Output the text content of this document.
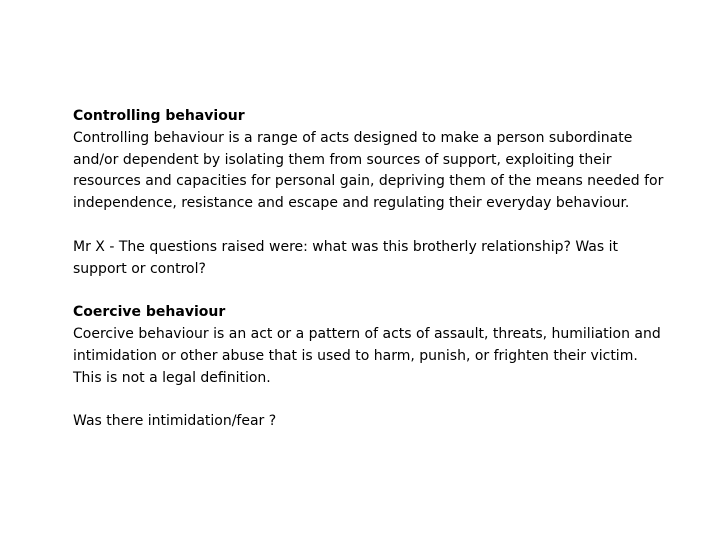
Controlling behaviour
Controlling behaviour is a range of acts designed to make a person subordinate and/or dependent by isolating them from sources of support, exploiting their resources and capacities for personal gain, depriving them of the means needed for independence, resistance and escape and regulating their everyday behaviour.
Mr X - The questions raised were: what was this brotherly relationship? Was it support or control?
Coercive behaviour
Coercive behaviour is an act or a pattern of acts of assault, threats, humiliation and intimidation or other abuse that is used to harm, punish, or frighten their victim.
This is not a legal definition.
Was there intimidation/fear ?
